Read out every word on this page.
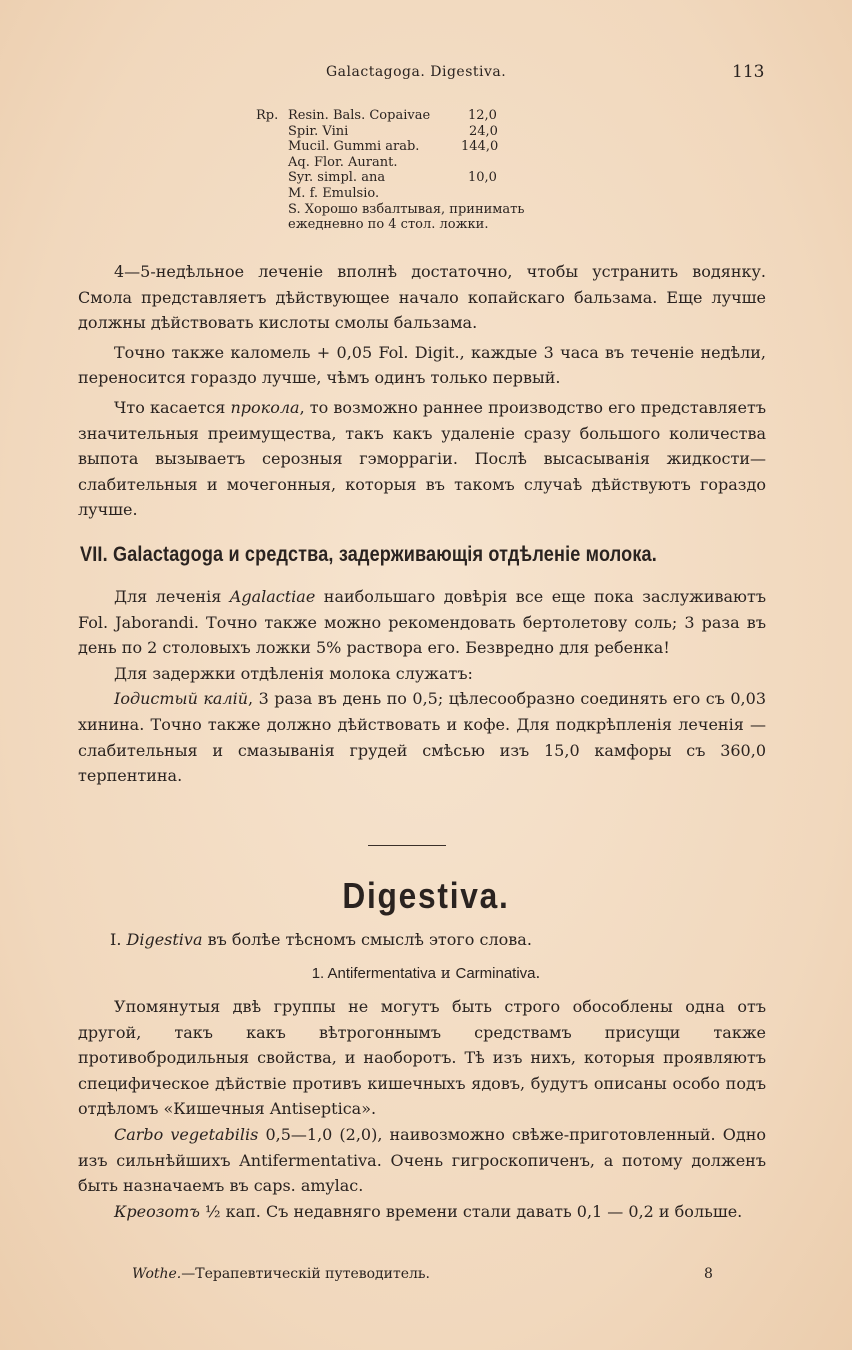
Galactagoga. Digestiva.	113
Rp. Resin. Bals. Copaivae	12,0
Spir. Vini	24,0
Mucil. Gummi arab.	144,0
Aq. Flor. Aurant.
Syr. simpl. ana	10,0
M. f. Emulsio.
S. Хорошо взбалтывая, принимать
ежедневно по 4 стол. ложки.

4—5-недѣльное леченіе вполнѣ достаточно, чтобы устранить водянку. Смола представляетъ дѣйствующее начало копайскаго бальзама. Еще лучше должны дѣйствовать кислоты смолы бальзама.

Точно также каломель + 0,05 Fol. Digit., каждые 3 часа въ теченіе недѣли, переносится гораздо лучше, чѣмъ одинъ только первый.

Что касается прокола, то возможно раннее производство его представляетъ значительныя преимущества, такъ какъ удаленіе сразу большого количества выпота вызываетъ серозныя гэморрагіи. Послѣ высасыванія жидкости—слабительныя и мочегонныя, которыя въ такомъ случаѣ дѣйствуютъ гораздо лучше.

VII. Galactagoga и средства, задерживающія отдѣленіе молока.

Для леченія Agalactiae наибольшаго довѣрія все еще пока заслуживаютъ Fol. Jaborandi. Точно также можно рекомендовать бертолетову соль; 3 раза въ день по 2 столовыхъ ложки 5% раствора его. Безвредно для ребенка!

Для задержки отдѣленія молока служатъ:

Іодистый калій, 3 раза въ день по 0,5; цѣлесообразно соединять его съ 0,03 хинина. Точно также должно дѣйствовать и кофе. Для подкрѣпленія леченія — слабительныя и смазыванія грудей смѣсью изъ 15,0 камфоры съ 360,0 терпентина.

Digestiva.
I. Digestiva въ болѣе тѣсномъ смыслѣ этого слова.
1. Antifermentativa и Carminativa.

Упомянутыя двѣ группы не могутъ быть строго обособлены одна отъ другой, такъ какъ вѣтрогоннымъ средствамъ присущи также противобродильныя свойства, и наоборотъ. Тѣ изъ нихъ, которыя проявляютъ специфическое дѣйствіе противъ кишечныхъ ядовъ, будутъ описаны особо подъ отдѣломъ «Кишечныя Antiseptica».

Carbo vegetabilis 0,5—1,0 (2,0), наивозможно свѣже-приготовленный. Одно изъ сильнѣйшихъ Antifermentativa. Очень гигроскопиченъ, а потому долженъ быть назначаемъ въ caps. amylac.

Креозотъ ½ кап. Съ недавняго времени стали давать 0,1 — 0,2 и больше.

Wothe.—Терапевтическій путеводитель.	8
